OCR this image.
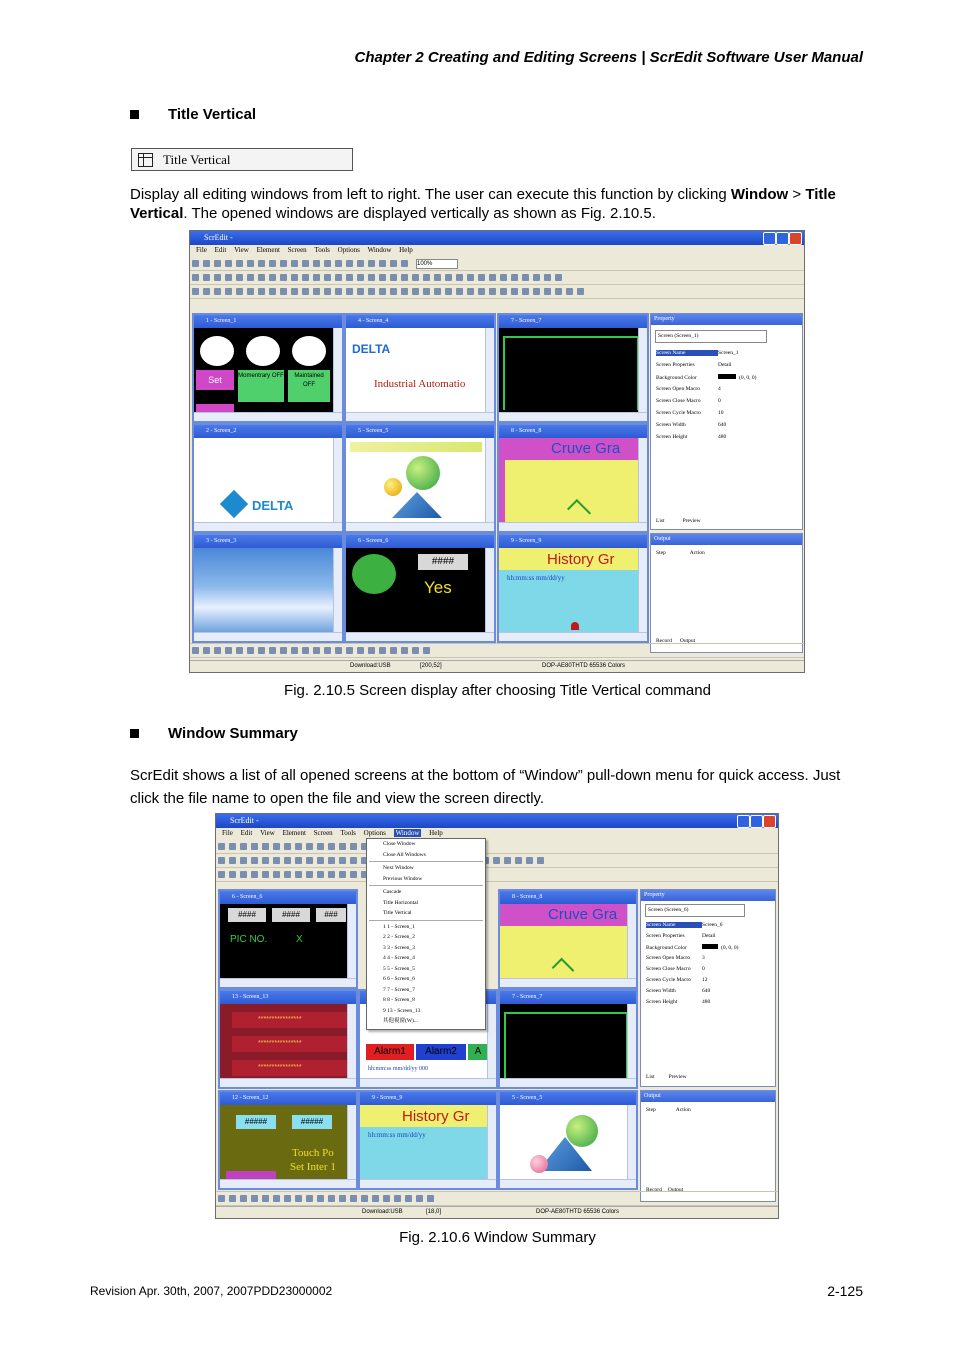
Chapter 2 Creating and Editing Screens | ScrEdit Software User Manual
Title Vertical
Title Vertical
Display all editing windows from left to right. The user can execute this function by clicking Window > Title Vertical. The opened windows are displayed vertically as shown as Fig. 2.10.5.
ScrEdit -
File Edit View Element Screen Tools Options Window Help
100%
1 - Screen_1
Set	Momentrary OFF	Maintained OFF
4 - Screen_4
DELTA
Industrial Automatio
7 - Screen_7
2 - Screen_2
DELTA
5 - Screen_5	8 - Screen_8
Cruve Gra
3 - Screen_3	6 - Screen_6
####
Yes
9 - Screen_9
History Gr
hh:mm:ss mm/dd/yy
Property
Screen (Screen_1)
Screen Name	Screen_1
Screen Properties	Detail
Background Color	(0, 0, 0)
Screen Open Macro	4
Screen Close Macro	0
Screen Cycle Macro	10
Screen Width	640
Screen Height	480
List	Preview
Output
Step	Action
Record Output
Download:USB	[200,52]	DOP-AE80THTD 65536 Colors
Fig. 2.10.5 Screen display after choosing Title Vertical command
Window Summary
ScrEdit shows a list of all opened screens at the bottom of “Window” pull-down menu for quick access. Just click the file name to open the file and view the screen directly.
ScrEdit -
File Edit View Element Screen Tools Options Window Help
6 - Screen_6
####	####	###
PIC NO.	X
13 - Screen_13
****************
****************
****************
12 - Screen_12
#####	#####
Touch Po
Set Inter 1
Alarm1	Alarm2	A
hh:mm:ss mm/dd/yy 000
9 - Screen_9
History Gr
hh:mm:ss mm/dd/yy
8 - Screen_8
Cruve Gra
7 - Screen_7
5 - Screen_5
Close Window
Close All Windows
Next Window
Previous Window
Cascade
Title Horizontal
Title Vertical
1 1 - Screen_1
2 2 - Screen_2
3 3 - Screen_3
4 4 - Screen_4
5 5 - Screen_5
6 6 - Screen_6
7 7 - Screen_7
8 8 - Screen_8
9 13 - Screen_13
其他視窗(W)...
Property
Screen (Screen_6)
Screen Name	Screen_6
Screen Properties	Detail
Background Color	(0, 0, 0)
Screen Open Macro 3
Screen Close Macro 0
Screen Cycle Macro 12
Screen Width	640
Screen Height	480
List	Preview
Output
Step	Action
Record Output
Download:USB	[18,0]	DOP-AE80THTD 65536 Colors
Fig. 2.10.6 Window Summary
Revision Apr. 30th, 2007, 2007PDD23000002	2-125
